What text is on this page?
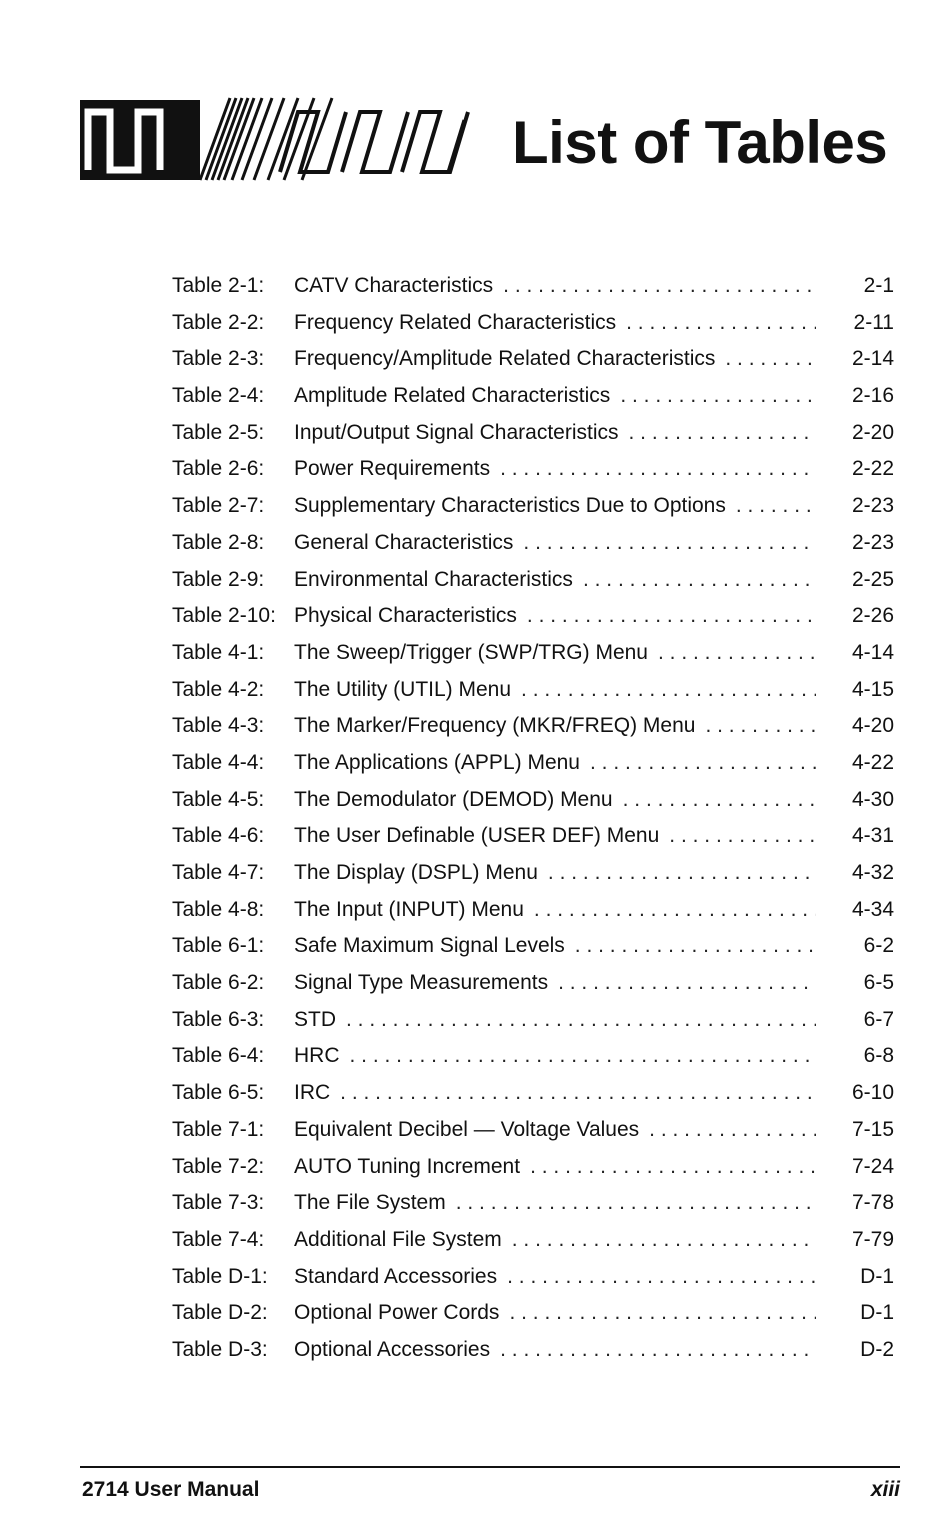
List of Tables
Table 2-1:	CATV Characteristics . . .	2-1
Table 2-2:	Frequency Related Characteristics . . .	2-11
Table 2-3:	Frequency/Amplitude Related Characteristics . . .	2-14
Table 2-4:	Amplitude Related Characteristics . . .	2-16
Table 2-5:	Input/Output Signal Characteristics . . .	2-20
Table 2-6:	Power Requirements . . .	2-22
Table 2-7:	Supplementary Characteristics Due to Options . . .	2-23
Table 2-8:	General Characteristics . . .	2-23
Table 2-9:	Environmental Characteristics . . .	2-25
Table 2-10: Physical Characteristics . . .	2-26
Table 4-1:	The Sweep/Trigger (SWP/TRG) Menu . . .	4-14
Table 4-2:	The Utility (UTIL) Menu . . .	4-15
Table 4-3:	The Marker/Frequency (MKR/FREQ) Menu . . .	4-20
Table 4-4:	The Applications (APPL) Menu . . .	4-22
Table 4-5:	The Demodulator (DEMOD) Menu . . .	4-30
Table 4-6:	The User Definable (USER DEF) Menu . . .	4-31
Table 4-7:	The Display (DSPL) Menu . . .	4-32
Table 4-8:	The Input (INPUT) Menu . . .	4-34
Table 6-1:	Safe Maximum Signal Levels . . .	6-2
Table 6-2:	Signal Type Measurements . . .	6-5
Table 6-3:	STD . . .	6-7
Table 6-4:	HRC . . .	6-8
Table 6-5:	IRC . . .	6-10
Table 7-1:	Equivalent Decibel — Voltage Values . . .	7-15
Table 7-2:	AUTO Tuning Increment . . .	7-24
Table 7-3:	The File System . . .	7-78
Table 7-4:	Additional File System . . .	7-79
Table D-1:	Standard Accessories . . .	D-1
Table D-2:	Optional Power Cords . . .	D-1
Table D-3:	Optional Accessories . . .	D-2
2714 User Manual	xiii
